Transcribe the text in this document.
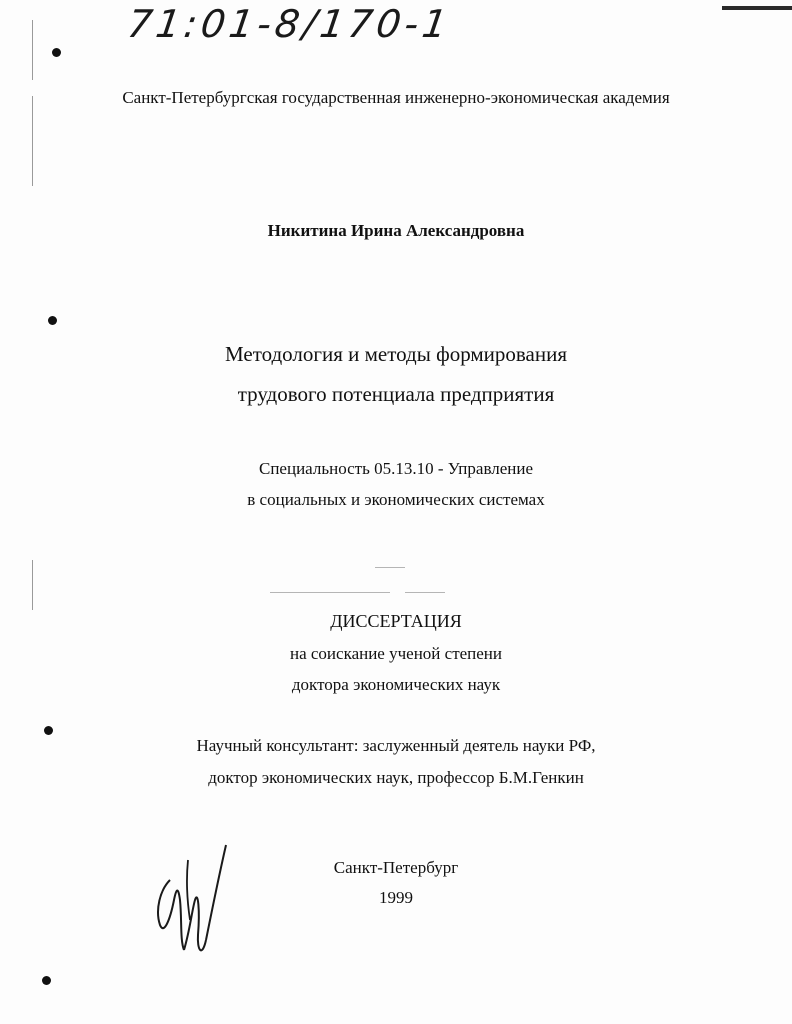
71:01-8/170-1
Санкт-Петербургская государственная инженерно-экономическая академия
Никитина Ирина Александровна
Методология и методы формирования
трудового потенциала предприятия
Специальность 05.13.10 - Управление
в социальных и экономических системах
ДИССЕРТАЦИЯ
на соискание ученой степени
доктора экономических наук
Научный консультант: заслуженный деятель науки РФ,
доктор экономических наук, профессор Б.М.Генкин
Санкт-Петербург
1999
